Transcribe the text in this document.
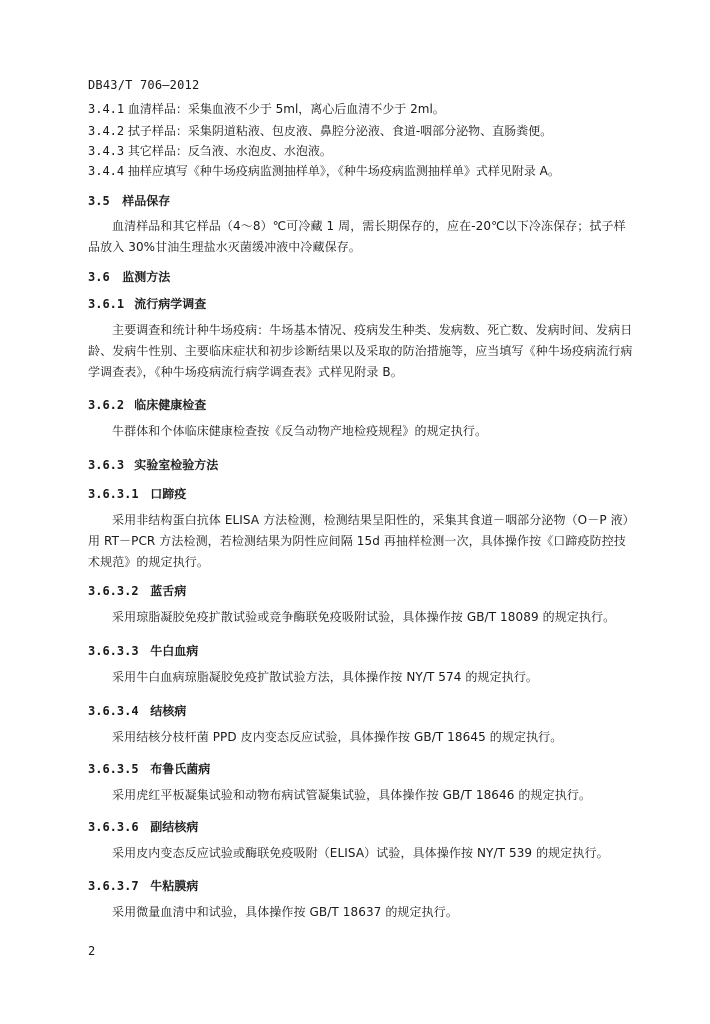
DB43/T 706—2012
3.4.1 血清样品：采集血液不少于 5ml，离心后血清不少于 2ml。
3.4.2 拭子样品：采集阴道粘液、包皮液、鼻腔分泌液、食道-咽部分泌物、直肠粪便。
3.4.3 其它样品：反刍液、水泡皮、水泡液。
3.4.4 抽样应填写《种牛场疫病监测抽样单》，《种牛场疫病监测抽样单》式样见附录 A。
3.5 样品保存
血清样品和其它样品（4～8）℃可冷藏 1 周，需长期保存的，应在-20℃以下冷冻保存；拭子样品放入 30%甘油生理盐水灭菌缓冲液中冷藏保存。
3.6 监测方法
3.6.1 流行病学调查
主要调查和统计种牛场疫病：牛场基本情况、疫病发生种类、发病数、死亡数、发病时间、发病日龄、发病牛性别、主要临床症状和初步诊断结果以及采取的防治措施等，应当填写《种牛场疫病流行病学调查表》，《种牛场疫病流行病学调查表》式样见附录 B。
3.6.2 临床健康检查
牛群体和个体临床健康检查按《反刍动物产地检疫规程》的规定执行。
3.6.3 实验室检验方法
3.6.3.1 口蹄疫
采用非结构蛋白抗体 ELISA 方法检测，检测结果呈阳性的，采集其食道－咽部分泌物（O－P 液）用 RT－PCR 方法检测，若检测结果为阴性应间隔 15d 再抽样检测一次，具体操作按《口蹄疫防控技术规范》的规定执行。
3.6.3.2 蓝舌病
采用琼脂凝胶免疫扩散试验或竞争酶联免疫吸附试验，具体操作按 GB/T 18089 的规定执行。
3.6.3.3 牛白血病
采用牛白血病琼脂凝胶免疫扩散试验方法，具体操作按 NY/T 574 的规定执行。
3.6.3.4 结核病
采用结核分枝杆菌 PPD 皮内变态反应试验，具体操作按 GB/T 18645 的规定执行。
3.6.3.5 布鲁氏菌病
采用虎红平板凝集试验和动物布病试管凝集试验，具体操作按 GB/T 18646 的规定执行。
3.6.3.6 副结核病
采用皮内变态反应试验或酶联免疫吸附（ELISA）试验，具体操作按 NY/T 539 的规定执行。
3.6.3.7 牛粘膜病
采用微量血清中和试验，具体操作按 GB/T 18637 的规定执行。
2
